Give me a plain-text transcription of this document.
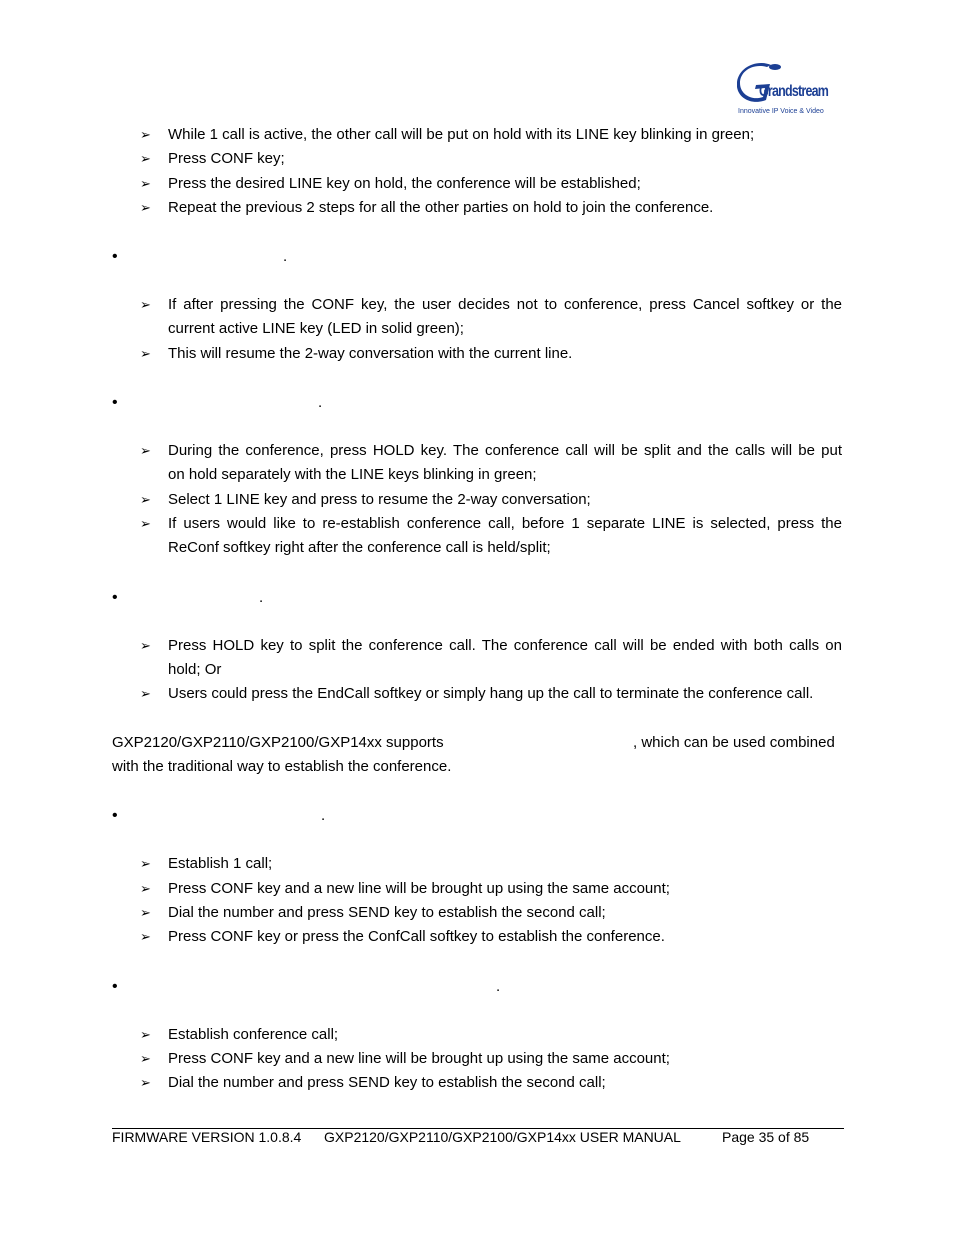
Grandstream
Innovative IP Voice & Video
➢ While 1 call is active, the other call will be put on hold with its LINE key blinking in green;
➢ Press CONF key;
➢ Press the desired LINE key on hold, the conference will be established;
➢ Repeat the previous 2 steps for all the other parties on hold to join the conference.
•	.
➢ If after pressing the CONF key, the user decides not to conference, press Cancel softkey or the
current active LINE key (LED in solid green);
➢ This will resume the 2-way conversation with the current line.
•	.
➢ During the conference, press HOLD key. The conference call will be split and the calls will be put
on hold separately with the LINE keys blinking in green;
➢ Select 1 LINE key and press to resume the 2-way conversation;
➢ If users would like to re-establish conference call, before 1 separate LINE is selected, press the
ReConf softkey right after the conference call is held/split;
•	.
➢ Press HOLD key to split the conference call. The conference call will be ended with both calls on
hold; Or
➢ Users could press the EndCall softkey or simply hang up the call to terminate the conference call.
GXP2120/GXP2110/GXP2100/GXP14xx supports	, which can be used combined
with the traditional way to establish the conference.
•	.
➢ Establish 1 call;
➢ Press CONF key and a new line will be brought up using the same account;
➢ Dial the number and press SEND key to establish the second call;
➢ Press CONF key or press the ConfCall softkey to establish the conference.
•	.
➢ Establish conference call;
➢ Press CONF key and a new line will be brought up using the same account;
➢ Dial the number and press SEND key to establish the second call;
FIRMWARE VERSION 1.0.8.4 GXP2120/GXP2110/GXP2100/GXP14xx USER MANUAL	Page 35 of 85
